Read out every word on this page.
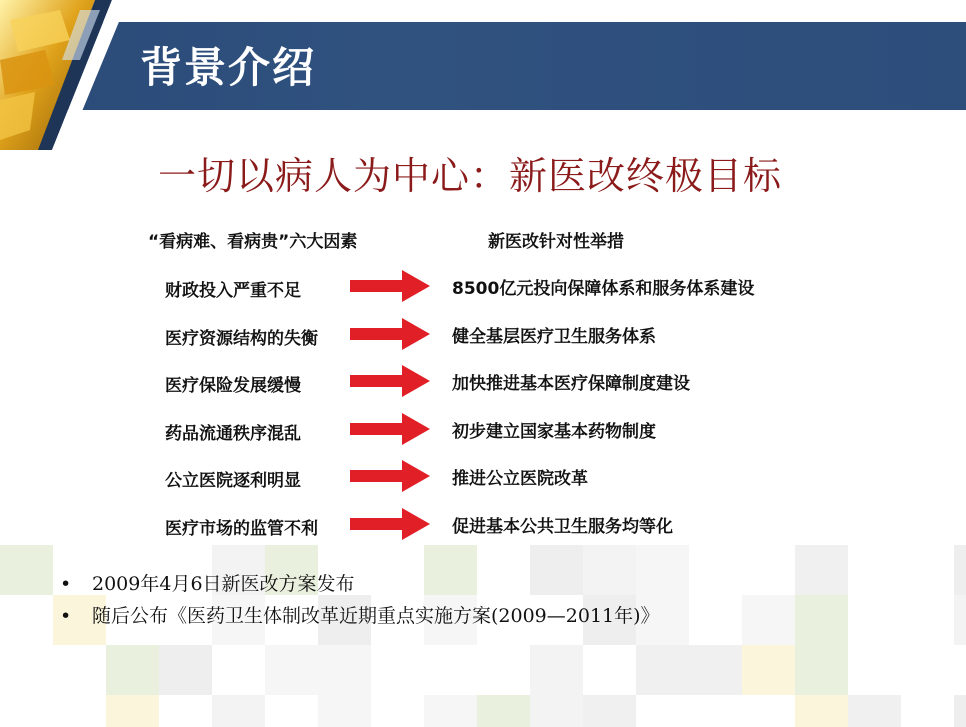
背景介绍
一切以病人为中心：新医改终极目标
“看病难、看病贵”六大因素	新医改针对性举措
财政投入严重不足	8500亿元投向保障体系和服务体系建设
医疗资源结构的失衡	健全基层医疗卫生服务体系
医疗保险发展缓慢	加快推进基本医疗保障制度建设
药品流通秩序混乱	初步建立国家基本药物制度
公立医院逐利明显	推进公立医院改革
医疗市场的监管不利	促进基本公共卫生服务均等化
• 2009年4月6日新医改方案发布
• 随后公布《医药卫生体制改革近期重点实施方案(2009—2011年)》
